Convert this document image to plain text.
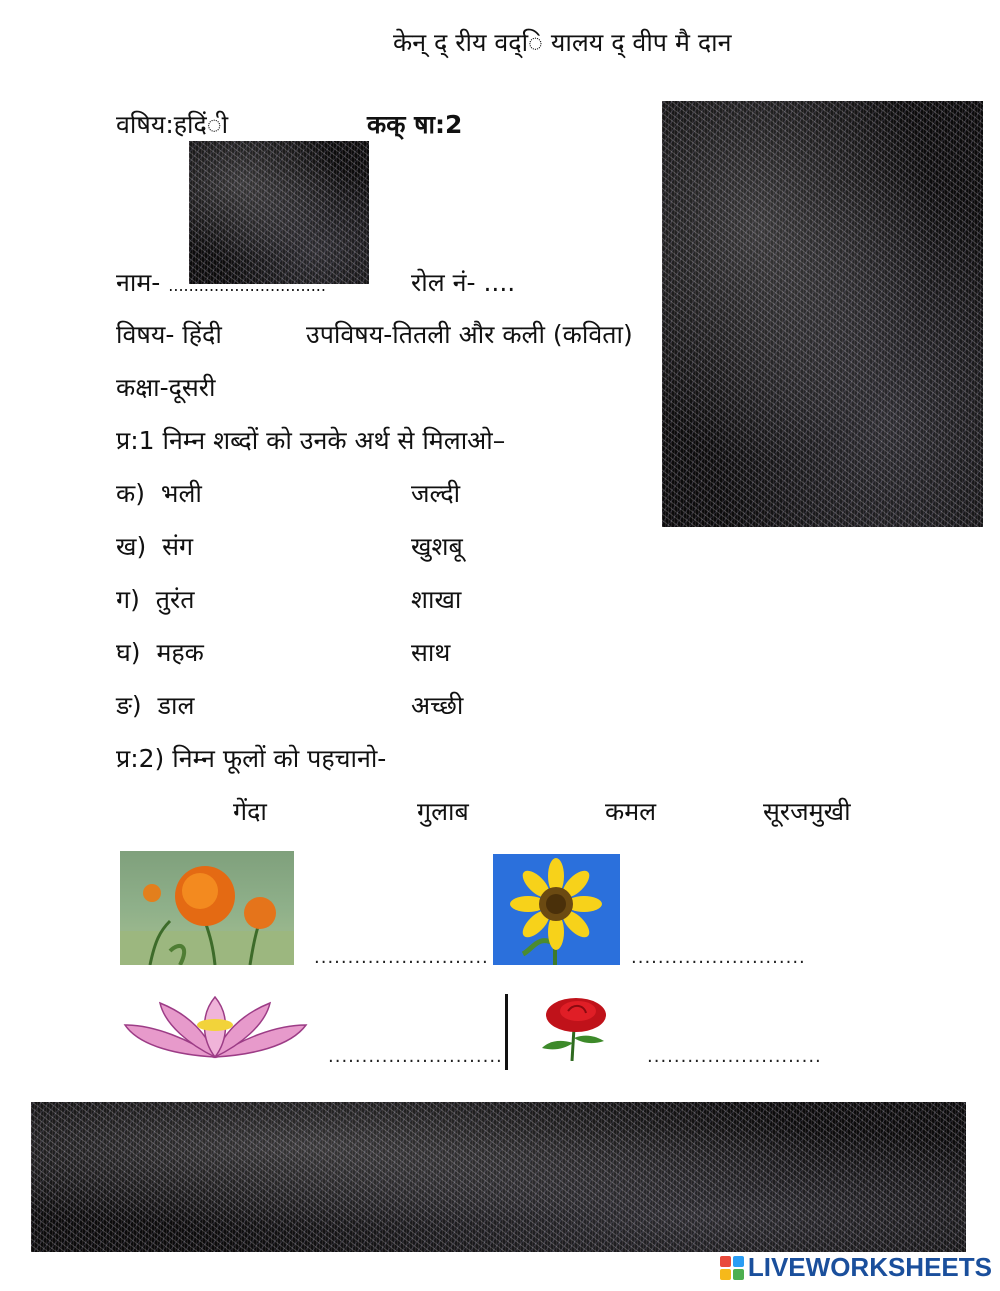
केन् द् रीय वद्ि यालय द् वीप मै दान
वषिय:हदिंी	कक् षा:2
नाम- ...............................	रोल नं- ....
विषय- हिंदी	उपविषय-तितली और कली (कविता)
कक्षा-दूसरी
प्र:1 निम्न शब्दों को उनके अर्थ से मिलाओ–
क) भली	जल्दी
ख) संग	खुशबू
ग) तुरंत	शाखा
घ) महक	साथ
ङ) डाल	अच्छी
प्र:2) निम्न फूलों को पहचानो-
गेंदा	गुलाब	कमल	सूरजमुखी
..........................	..........................
..........................	..........................
LIVEWORKSHEETS
